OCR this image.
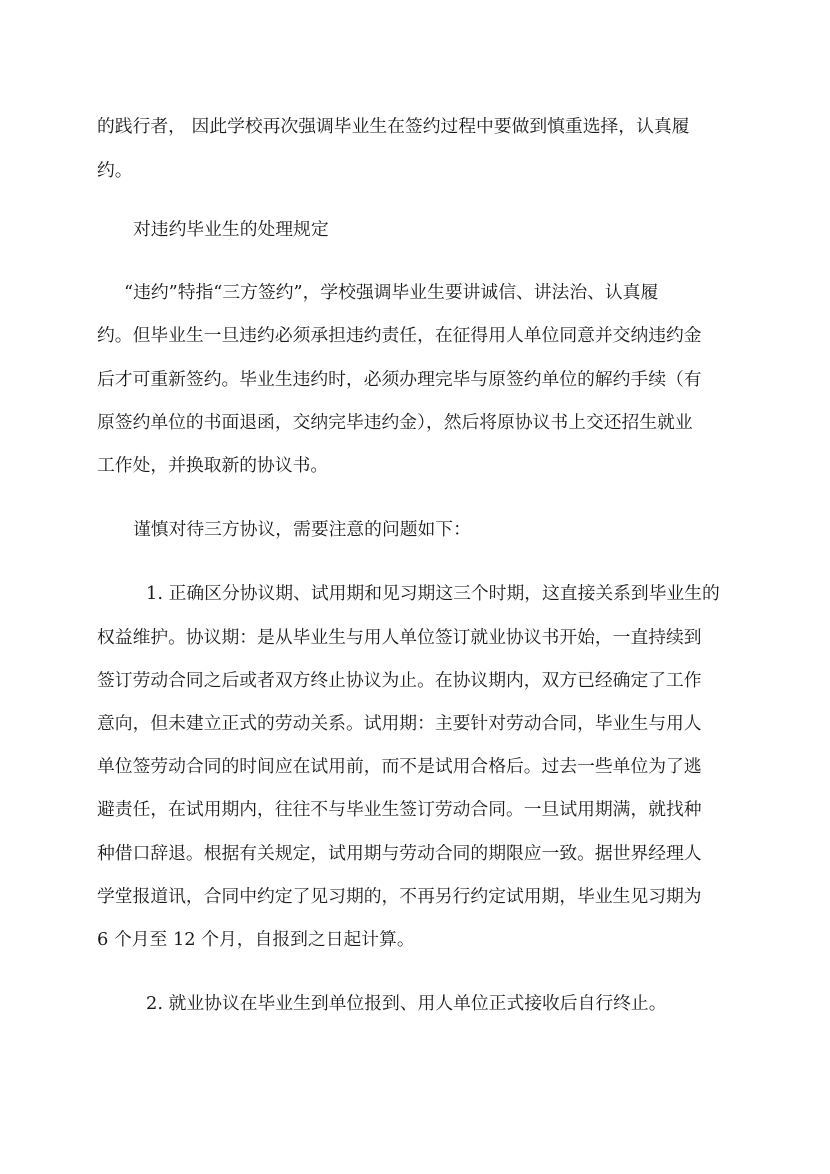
的践行者， 因此学校再次强调毕业生在签约过程中要做到慎重选择，认真履
约。
对违约毕业生的处理规定
“违约”特指“三方签约”，学校强调毕业生要讲诚信、讲法治、认真履
约。但毕业生一旦违约必须承担违约责任，在征得用人单位同意并交纳违约金
后才可重新签约。毕业生违约时，必须办理完毕与原签约单位的解约手续（有
原签约单位的书面退函，交纳完毕违约金），然后将原协议书上交还招生就业
工作处，并换取新的协议书。
谨慎对待三方协议，需要注意的问题如下：
1. 正确区分协议期、试用期和见习期这三个时期，这直接关系到毕业生的
权益维护。协议期：是从毕业生与用人单位签订就业协议书开始，一直持续到
签订劳动合同之后或者双方终止协议为止。在协议期内，双方已经确定了工作
意向，但未建立正式的劳动关系。试用期：主要针对劳动合同，毕业生与用人
单位签劳动合同的时间应在试用前，而不是试用合格后。过去一些单位为了逃
避责任，在试用期内，往往不与毕业生签订劳动合同。一旦试用期满，就找种
种借口辞退。根据有关规定，试用期与劳动合同的期限应一致。据世界经理人
学堂报道讯，合同中约定了见习期的，不再另行约定试用期，毕业生见习期为
6 个月至 12 个月，自报到之日起计算。
2. 就业协议在毕业生到单位报到、用人单位正式接收后自行终止。
